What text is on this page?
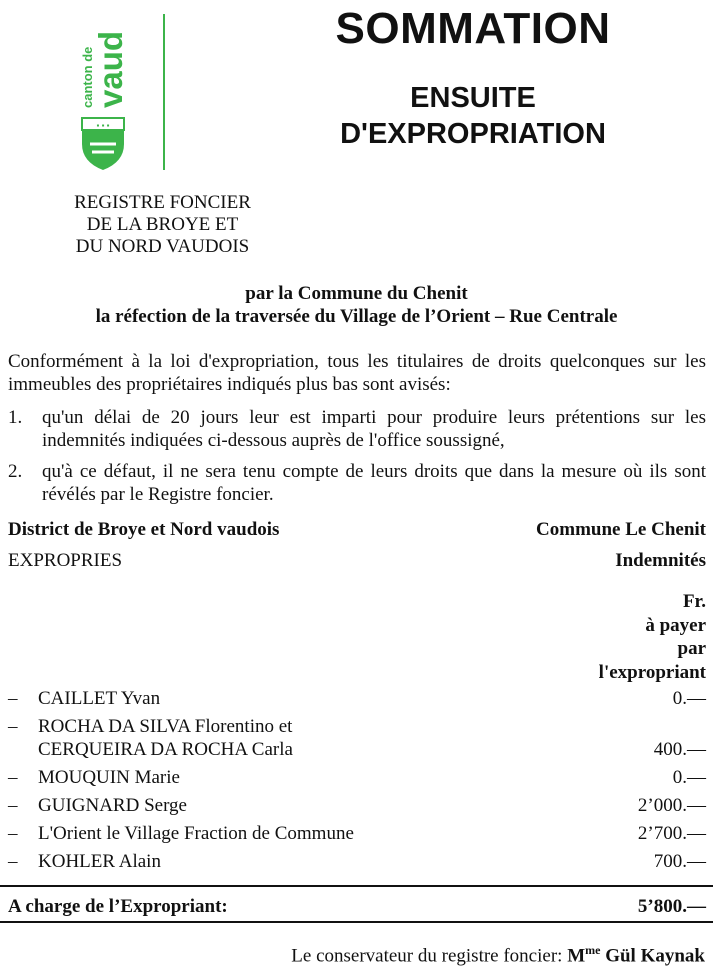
canton de
vaud
▪ ▪ ▪
SOMMATION
ENSUITE
D'EXPROPRIATION
REGISTRE FONCIER
DE LA BROYE ET
DU NORD VAUDOIS
par la Commune du Chenit
la réfection de la traversée du Village de l’Orient – Rue Centrale
Conformément à la loi d'expropriation, tous les titulaires de droits quelconques sur les immeubles des propriétaires indiqués plus bas sont avisés:
1. qu'un délai de 20 jours leur est imparti pour produire leurs prétentions sur les indemnités indiquées ci-dessous auprès de l'office soussigné,
2. qu'à ce défaut, il ne sera tenu compte de leurs droits que dans la mesure où ils sont révélés par le Registre foncier.
District de Broye et Nord vaudois	Commune Le Chenit
EXPROPRIES	Indemnités
Fr.
à payer
par
l'expropriant
– CAILLET Yvan	0.—
– ROCHA DA SILVA Florentino et
CERQUEIRA DA ROCHA Carla	400.—
– MOUQUIN Marie	0.—
– GUIGNARD Serge	2’000.—
– L'Orient le Village Fraction de Commune	2’700.—
– KOHLER Alain	700.—
A charge de l’Expropriant:	5’800.—
Le conservateur du registre foncier: $M^{me}$ Gül Kaynak
